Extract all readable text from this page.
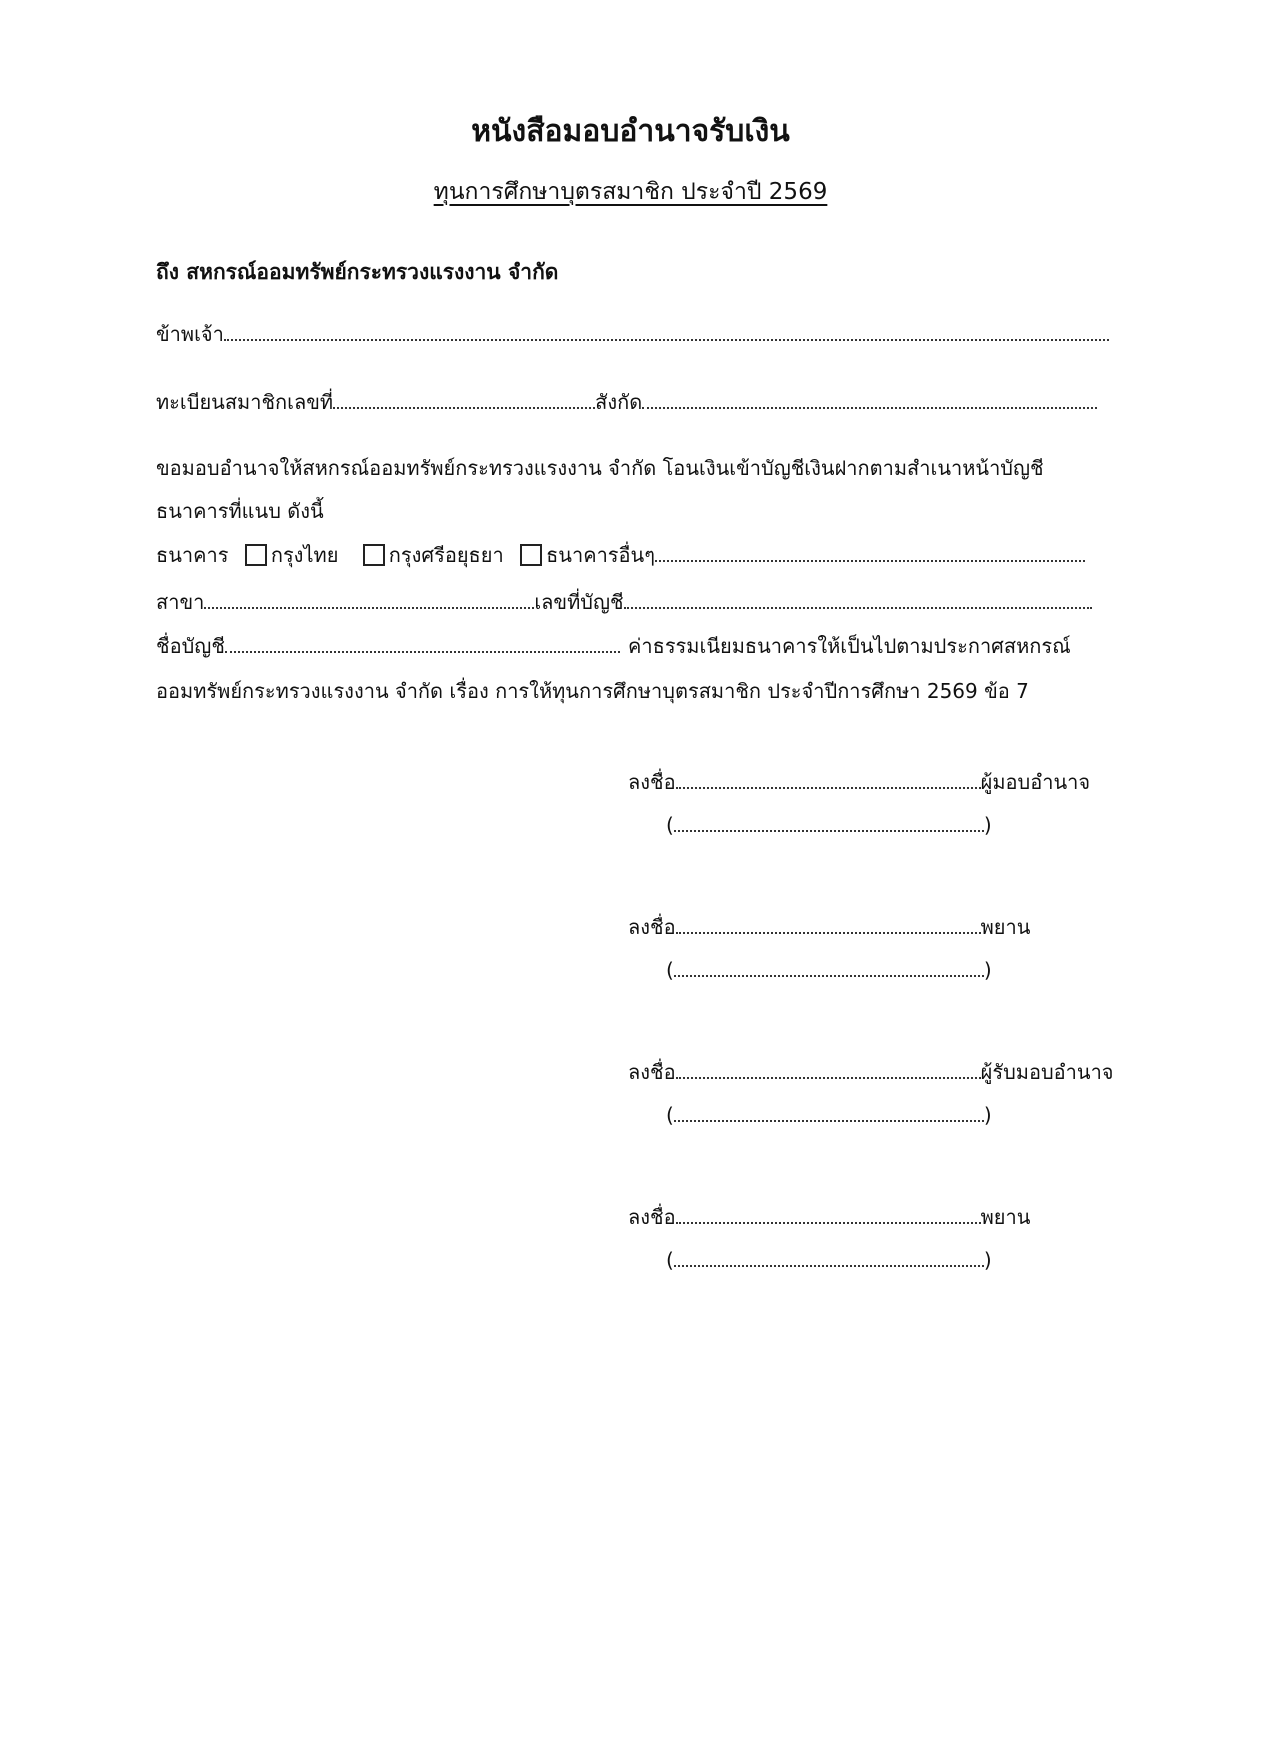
หนังสือมอบอำนาจรับเงิน
ทุนการศึกษาบุตรสมาชิก ประจำปี 2569
ถึง สหกรณ์ออมทรัพย์กระทรวงแรงงาน จำกัด
ข้าพเจ้า
ทะเบียนสมาชิกเลขที่	สังกัด
ขอมอบอำนาจให้สหกรณ์ออมทรัพย์กระทรวงแรงงาน จำกัด โอนเงินเข้าบัญชีเงินฝากตามสำเนาหน้าบัญชี
ธนาคารที่แนบ ดังนี้
ธนาคาร กรุงไทย	กรุงศรีอยุธยา ธนาคารอื่นๆ
สาขา	เลขที่บัญชี
ชื่อบัญชี	ค่าธรรมเนียมธนาคารให้เป็นไปตามประกาศสหกรณ์
ออมทรัพย์กระทรวงแรงงาน จำกัด เรื่อง การให้ทุนการศึกษาบุตรสมาชิก ประจำปีการศึกษา 2569 ข้อ 7
ลงชื่อ	ผู้มอบอำนาจ
(	)
ลงชื่อ	พยาน
(	)
ลงชื่อ	ผู้รับมอบอำนาจ
(	)
ลงชื่อ	พยาน
(	)
